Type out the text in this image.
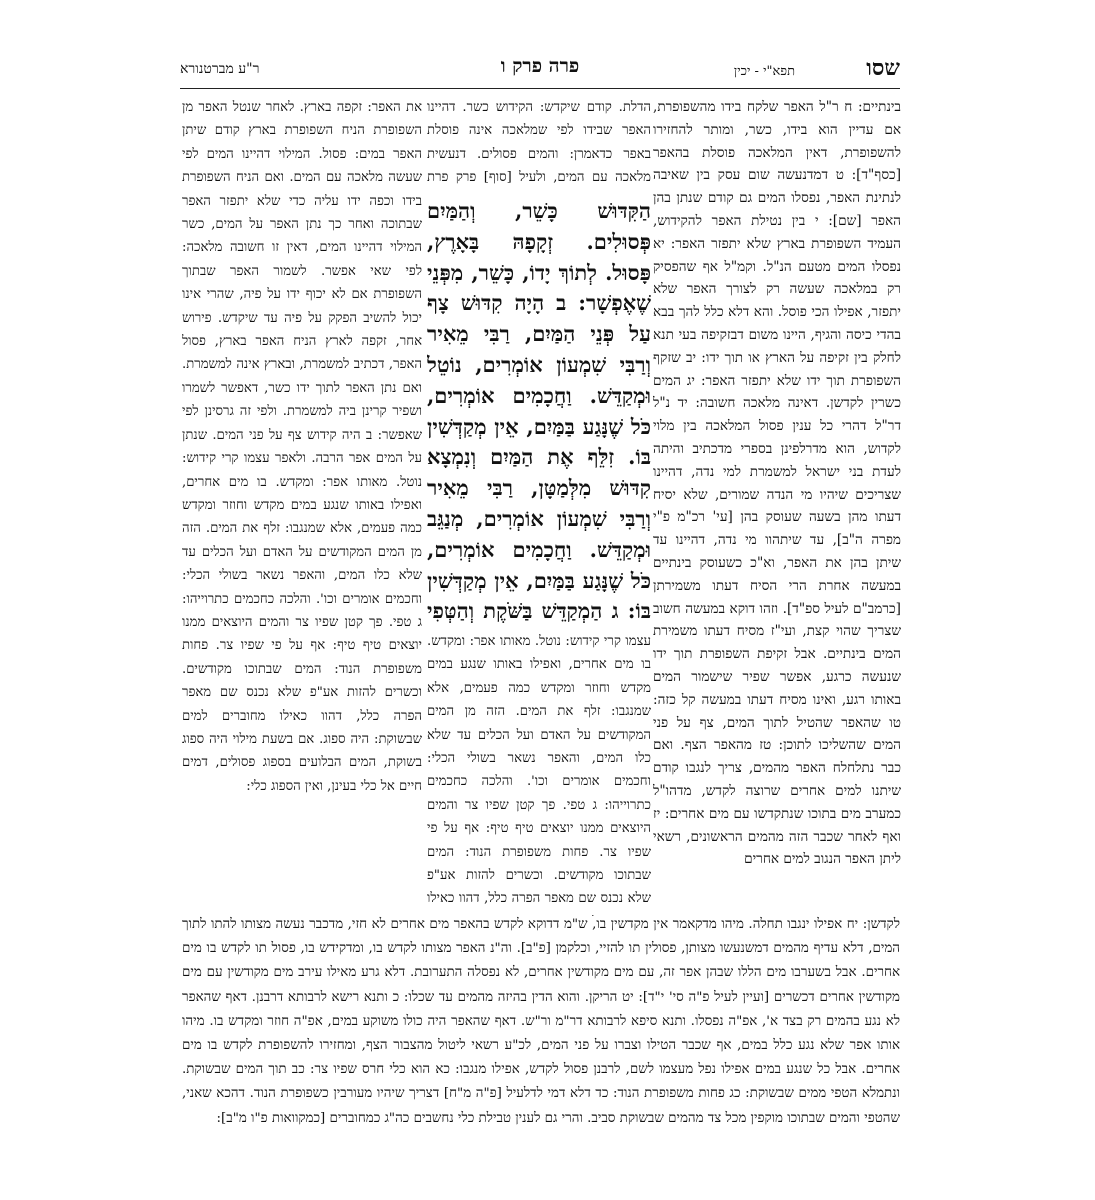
שסו
תפא"י - יכין
פרה פרק ו
ר"ע מברטנורא
בינתיים: ח ר"ל האפר שלקח בידו מהשפופרת, אם עדיין הוא בידו, כשר, ומותר להחזירו להשפופרת, דאין המלאכה פוסלת בהאפר [כסף"ד]: ט דמדנעשה שום עסק בין שאיבה לנתינת האפר, נפסלו המים גם קודם שנתן בהן האפר [שם]: י בין נטילת האפר להקידוש, העמיד השפופרת בארץ שלא יתפזר האפר: יא נפסלו המים מטעם הנ"ל. וקמ"ל אף שהפסיק רק במלאכה שעשה רק לצורך האפר שלא יתפזר, אפילו הכי פוסל. והא דלא כלל להך בבא בהדי כיסה והגיף, היינו משום דבזקיפה בעי תנא לחלק בין זקיפה על הארץ או תוך ידו: יב שזקף השפופרת תוך ידו שלא יתפזר האפר: יג המים כשרין לקדשן. דאינה מלאכה חשובה: יד נ"ל דר"ל דהרי כל ענין פסול המלאכה בין מלוי לקדוש, הוא מדרלפינן בספרי מדכתיב והיתה לעדת בני ישראל למשמרת למי נדה, דהיינו שצריכים שיהיו מי הנדה שמורים, שלא יסיח דעתו מהן בשעה שעוסק בהן [עי' רכ"מ פ"י מפרה ה"ב], עד שיתהוו מי נדה, דהיינו עד שיתן בהן את האפר, וא"כ כשעוסק בינתיים במעשה אחרת הרי הסיח דעתו משמירתן [כרמב"ם לעיל ספ"ד]. וזהו דוקא במעשה חשוב שצריך שהוי קצת, ועי"ז מסיח דעתו משמירת המים בינתיים. אבל זקיפת השפופרת תוך ידו שנעשה כרגע, אפשר שפיר שישמור המים באותו רגע, ואינו מסיח דעתו במעשה קל כזה: טו שהאפר שהטיל לתוך המים, צף על פני המים שהשליכו לתוכן: טז מהאפר הצף. ואם כבר נתלחלח האפר מהמים, צריך לנגבו קודם שיתנו למים אחרים שרוצה לקדש, מדהו"ל כמערב מים בתוכו שנתקדשו עם מים אחרים: יז ואף לאחר שכבר הזה מהמים הראשונים, רשאי ליתן האפר הנגוב למים אחרים
הדלת. קודם שיקדש: הקידוש כשר. דהיינו האפר שבידו לפי שמלאכה אינה פוסלת באפר כדאמרן: והמים פסולים. דנעשית מלאכה עם המים, ולעיל [סוף] פרק פרת
הַקִּדּוּשׁ כָּשֵׁר, וְהַמַּיִם פְּסוּלִים. זְקָפָהּ בָּאָרֶץ, פָּסוּל. לְתוֹךְ יָדוֹ, כָּשֵׁר, מִפְּנֵי שֶׁאֶפְשָׁר: ב הָיָה קִדּוּשׁ צָף עַל פְּנֵי הַמַּיִם, רַבִּי מֵאִיר וְרַבִּי שִׁמְעוֹן אוֹמְרִים, נוֹטֵל וּמְקַדֵּשׁ. וַחֲכָמִים אוֹמְרִים, כֹּל שֶׁנָּגַע בַּמַּיִם, אֵין מְקַדְּשִׁין בּוֹ. זִלֵּף אֶת הַמַּיִם וְנִמְצָא קִדּוּשׁ מִלְּמַטָּן, רַבִּי מֵאִיר וְרַבִּי שִׁמְעוֹן אוֹמְרִים, מְנַגֵּב וּמְקַדֵּשׁ. וַחֲכָמִים אוֹמְרִים, כֹּל שֶׁנָּגַע בַּמַּיִם, אֵין מְקַדְּשִׁין בּוֹ: ג הַמְקַדֵּשׁ בַּשֹּׁקֶת וְהַטְּפִי
עצמו קרי קידוש: נוטל. מאותו אפר: ומקדש. בו מים אחרים, ואפילו באותו שנגע במים מקדש וחוזר ומקדש כמה פעמים, אלא שמנגבו: זלף את המים. הזה מן המים המקודשים על האדם ועל הכלים עד שלא כלו המים, והאפר נשאר בשולי הכלי: וחכמים אומרים וכו'. והלכה כחכמים כתרוייהו: ג טפי. פך קטן שפיו צר והמים היוצאים ממנו יוצאים טיף טיף: אף על פי שפיו צר. פחות משפופרת הנוד: המים שבתוכו מקודשים. וכשרים להזות אע"פ שלא נכנס שם מאפר הפרה כלל, דהוו כאילו
את האפר: זקפה בארץ. לאחר שנטל האפר מן השפופרת הניח השפופרת בארץ קודם שיתן האפר במים: פסול. המילוי דהיינו המים לפי שעשה מלאכה עם המים. ואם הניח השפופרת בידו וכפה ידו עליה כדי שלא יתפזר האפר שבתוכה ואחר כך נתן האפר על המים, כשר המילוי דהיינו המים, דאין זו חשובה מלאכה: לפי שאי אפשר. לשמור האפר שבתוך השפופרת אם לא יכוף ידו על פיה, שהרי אינו יכול להשיב הפקק על פיה עד שיקדש. פירוש אחר, זקפה לארץ הניח האפר בארץ, פסול האפר, דכתיב למשמרת, ובארץ אינה למשמרת. ואם נתן האפר לתוך ידו כשר, דאפשר לשמרו ושפיר קרינן ביה למשמרת. ולפי זה גרסינן לפי שאפשר: ב היה קידוש צף על פני המים. שנתן על המים אפר הרבה. ולאפר עצמו קרי קידוש: נוטל. מאותו אפר: ומקדש. בו מים אחרים, ואפילו באותו שנגע במים מקדש וחוזר ומקדש כמה פעמים, אלא שמנגבו: זלף את המים. הזה מן המים המקודשים על האדם ועל הכלים עד שלא כלו המים, והאפר נשאר בשולי הכלי: וחכמים אומרים וכו'. והלכה כחכמים כתרוייהו: ג טפי. פך קטן שפיו צר והמים היוצאים ממנו יוצאים טיף טיף: אף על פי שפיו צר. פחות משפופרת הנוד: המים שבתוכו מקודשים. וכשרים להזות אע"פ שלא נכנס שם מאפר הפרה כלל, דהוו כאילו מחוברים למים שבשוקת: היה ספוג. אם בשעת מילוי היה ספוג בשוקת, המים הבלועים בספוג פסולים, דמים חיים אל כלי בעינן, ואין הספוג כלי:
לקדשן: יח אפילו ינגבו תחלה. מיהו מדקאמר אין מקדשין בו, ש"מ דדוקא לקדש בהאפר מים אחרים לא חזי, מדכבר נעשה מצותו להתו לתוך המים, דלא עדיף מהמים דמשנעשו מצותן, פסולין תו להזיי, וכלקמן [פ"ב]. וה"נ האפר מצותו לקדש בו, ומדקידש בו, פסול תו לקדש בו מים אחרים. אבל בשערבו מים הללו שבהן אפר זה, עם מים מקודשין אחרים, לא נפסלה התערובת. דלא גרע מאילו עירב מים מקודשין עם מים מקודשין אחרים דכשרים [ועיין לעיל פ"ה סי' י"ד]: יט הריקן. והוא הדין בהיזה מהמים עד שכלו: כ ותנא רישא לרבותא דרבנן. דאף שהאפר לא נגע בהמים רק בצד א', אפ"ה נפסלו. ותנא סיפא לרבותא דר"מ ור"ש. דאף שהאפר היה כולו משוקע במים, אפ"ה חוזר ומקדש בו. מיהו אותו אפר שלא נגע כלל במים, אף שכבר הטילו וצברו על פני המים, לכ"ע רשאי ליטול מהצבור הצף, ומחזירו להשפופרת לקדש בו מים אחרים. אבל כל שנגע במים אפילו נפל מעצמו לשם, לרבנן פסול לקדש, אפילו מנגבו: כא הוא כלי חרס שפיו צר: כב תוך המים שבשוקת. ונתמלא הטפי ממים שבשוקת: כג פחות משפופרת הנוד: כד דלא דמי לדלעיל [פ"ה מ"ח] דצריך שיהיו מעורבין כשפופרת הנוד. דהכא שאני, שהטפי והמים שבתוכו מוקפין מכל צד מהמים שבשוקת סביב. והרי גם לענין טבילת כלי נחשבים כה"ג כמחוברים [כמקוואות פ"ו מ"ב]:
